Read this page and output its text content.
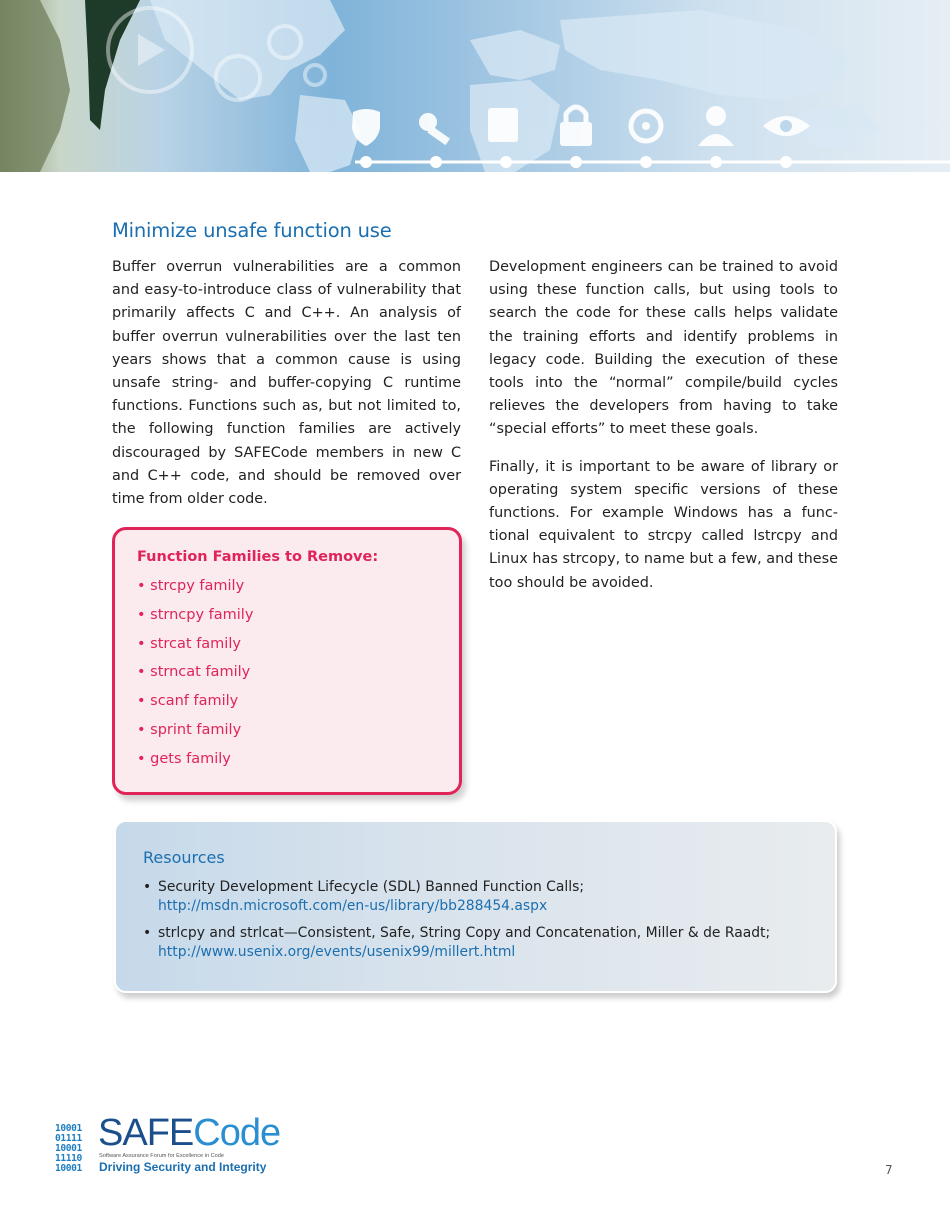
Minimize unsafe function use

Buffer overrun vulnerabilities are a common and easy-to-introduce class of vulnerability that primarily affects C and C++. An analysis of buffer overrun vulnerabilities over the last ten years shows that a common cause is using unsafe string- and buffer-copying C runtime functions. Functions such as, but not limited to, the following function families are actively discouraged by SAFECode members in new C and C++ code, and should be removed over time from older code.

Function Families to Remove:
• strcpy family
• strncpy family
• strcat family
• strncat family
• scanf family
• sprint family
• gets family

Development engineers can be trained to avoid using these function calls, but using tools to search the code for these calls helps validate the training efforts and identify problems in legacy code. Building the execution of these tools into the “normal” compile/build cycles relieves the developers from having to take “special efforts” to meet these goals.

Finally, it is important to be aware of library or operating system specific versions of these functions. For example Windows has a func-tional equivalent to strcpy called lstrcpy and Linux has strcopy, to name but a few, and these too should be avoided.

Resources
• Security Development Lifecycle (SDL) Banned Function Calls;
http://msdn.microsoft.com/en-us/library/bb288454.aspx
• strlcpy and strlcat—Consistent, Safe, String Copy and Concatenation, Miller & de Raadt;
http://www.usenix.org/events/usenix99/millert.html
10001
01111
10001
11110
10001
SAFECode
Software Assurance Forum for Excellence in Code
Driving Security and Integrity	7
